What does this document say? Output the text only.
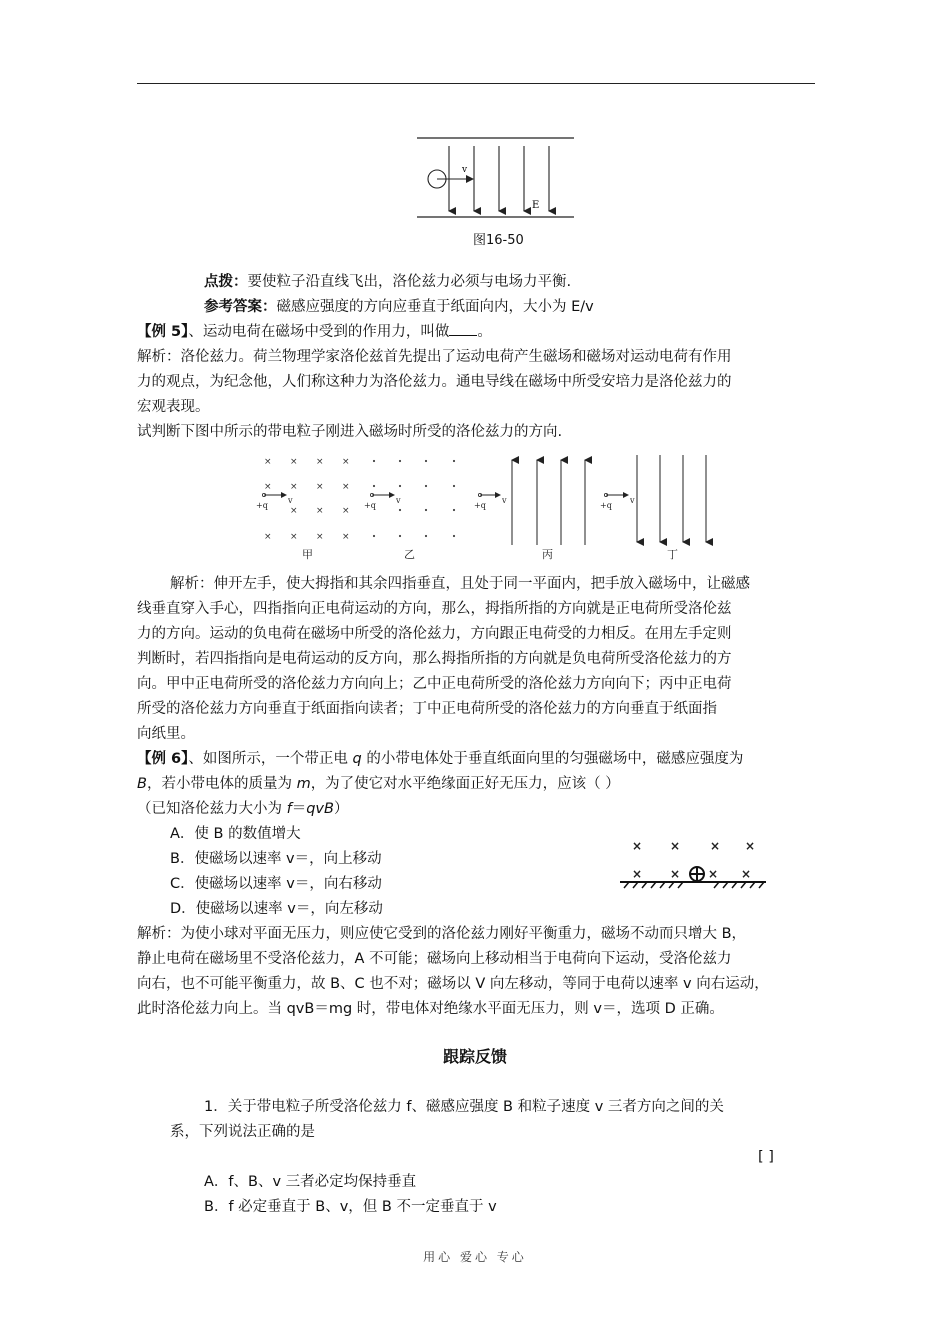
v
E
图16-50
点拨：要使粒子沿直线飞出，洛伦兹力必须与电场力平衡.
参考答案：磁感应强度的方向应垂直于纸面向内，大小为 E/v
【例 5】、运动电荷在磁场中受到的作用力，叫做 。
解析：洛伦兹力。荷兰物理学家洛伦兹首先提出了运动电荷产生磁场和磁场对运动电荷有作用
力的观点，为纪念他，人们称这种力为洛伦兹力。通电导线在磁场中所受安培力是洛伦兹力的
宏观表现。
试判断下图中所示的带电粒子刚进入磁场时所受的洛伦兹力的方向.
× × × ×
× × × ×
× × ×
× × × ×
+q
v
+q
v
+q
v
+q
v
甲	乙	丙	丁
解析：伸开左手，使大拇指和其余四指垂直，且处于同一平面内，把手放入磁场中，让磁感
线垂直穿入手心，四指指向正电荷运动的方向，那么，拇指所指的方向就是正电荷所受洛伦兹
力的方向。运动的负电荷在磁场中所受的洛伦兹力，方向跟正电荷受的力相反。在用左手定则
判断时，若四指指向是电荷运动的反方向，那么拇指所指的方向就是负电荷所受洛伦兹力的方
向。甲中正电荷所受的洛伦兹力方向向上；乙中正电荷所受的洛伦兹力方向向下；丙中正电荷
所受的洛伦兹力方向垂直于纸面指向读者；丁中正电荷所受的洛伦兹力的方向垂直于纸面指
向纸里。
【例 6】、如图所示，一个带正电 q 的小带电体处于垂直纸面向里的匀强磁场中，磁感应强度为
B，若小带电体的质量为 m，为了使它对水平绝缘面正好无压力，应该（ ）
（已知洛伦兹力大小为 f＝qvB）
A．使 B 的数值增大
B．使磁场以速率 v＝，向上移动
C．使磁场以速率 v＝，向右移动
D．使磁场以速率 v＝，向左移动
× × × ×
× × × ×
解析：为使小球对平面无压力，则应使它受到的洛伦兹力刚好平衡重力，磁场不动而只增大 B，
静止电荷在磁场里不受洛伦兹力，A 不可能；磁场向上移动相当于电荷向下运动，受洛伦兹力
向右，也不可能平衡重力，故 B、C 也不对；磁场以 V 向左移动，等同于电荷以速率 v 向右运动，
此时洛伦兹力向上。当 qvB＝mg 时，带电体对绝缘水平面无压力，则 v＝，选项 D 正确。
跟踪反馈
1．关于带电粒子所受洛伦兹力 f、磁感应强度 B 和粒子速度 v 三者方向之间的关
系，下列说法正确的是
[ ]
A．f、B、v 三者必定均保持垂直
B．f 必定垂直于 B、v，但 B 不一定垂直于 v
用心 爱心 专心
